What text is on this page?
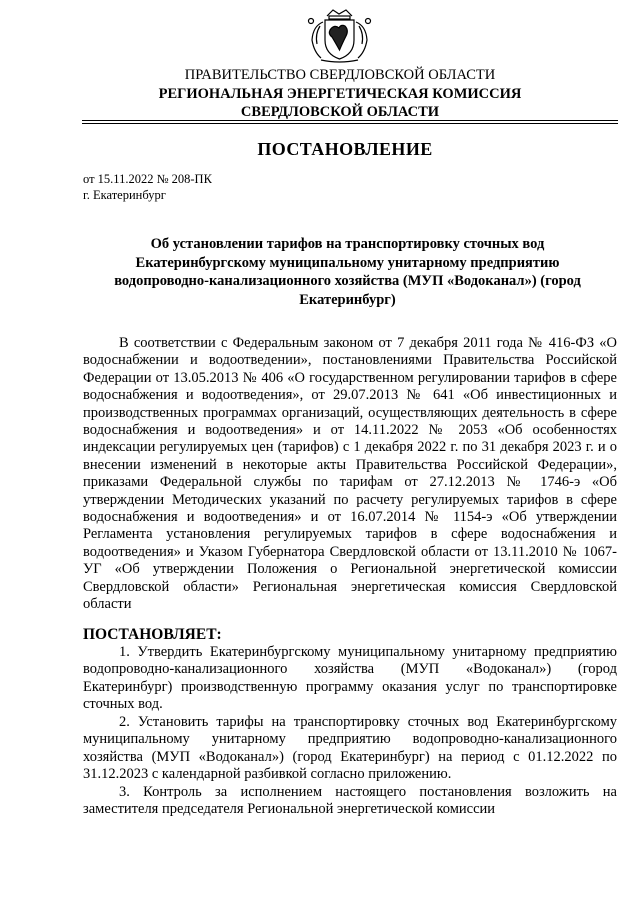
ПРАВИТЕЛЬСТВО СВЕРДЛОВСКОЙ ОБЛАСТИ
РЕГИОНАЛЬНАЯ ЭНЕРГЕТИЧЕСКАЯ КОМИССИЯ
СВЕРДЛОВСКОЙ ОБЛАСТИ
ПОСТАНОВЛЕНИЕ
от 15.11.2022 № 208-ПК
г. Екатеринбург
Об установлении тарифов на транспортировку сточных вод Екатеринбургскому муниципальному унитарному предприятию водопроводно-канализационного хозяйства (МУП «Водоканал») (город Екатеринбург)
В соответствии с Федеральным законом от 7 декабря 2011 года № 416-ФЗ «О водоснабжении и водоотведении», постановлениями Правительства Российской Федерации от 13.05.2013 № 406 «О государственном регулировании тарифов в сфере водоснабжения и водоотведения», от 29.07.2013 № 641 «Об инвестиционных и производственных программах организаций, осуществляющих деятельность в сфере водоснабжения и водоотведения» и от 14.11.2022 № 2053 «Об особенностях индексации регулируемых цен (тарифов) с 1 декабря 2022 г. по 31 декабря 2023 г. и о внесении изменений в некоторые акты Правительства Российской Федерации», приказами Федеральной службы по тарифам от 27.12.2013 № 1746-э «Об утверждении Методических указаний по расчету регулируемых тарифов в сфере водоснабжения и водоотведения» и от 16.07.2014 № 1154-э «Об утверждении Регламента установления регулируемых тарифов в сфере водоснабжения и водоотведения» и Указом Губернатора Свердловской области от 13.11.2010 № 1067-УГ «Об утверждении Положения о Региональной энергетической комиссии Свердловской области» Региональная энергетическая комиссия Свердловской области
ПОСТАНОВЛЯЕТ:
1. Утвердить Екатеринбургскому муниципальному унитарному предприятию водопроводно-канализационного хозяйства (МУП «Водоканал») (город Екатеринбург) производственную программу оказания услуг по транспортировке сточных вод.
2. Установить тарифы на транспортировку сточных вод Екатеринбургскому муниципальному унитарному предприятию водопроводно-канализационного хозяйства (МУП «Водоканал») (город Екатеринбург) на период с 01.12.2022 по 31.12.2023 с календарной разбивкой согласно приложению.
3. Контроль за исполнением настоящего постановления возложить на заместителя председателя Региональной энергетической комиссии
